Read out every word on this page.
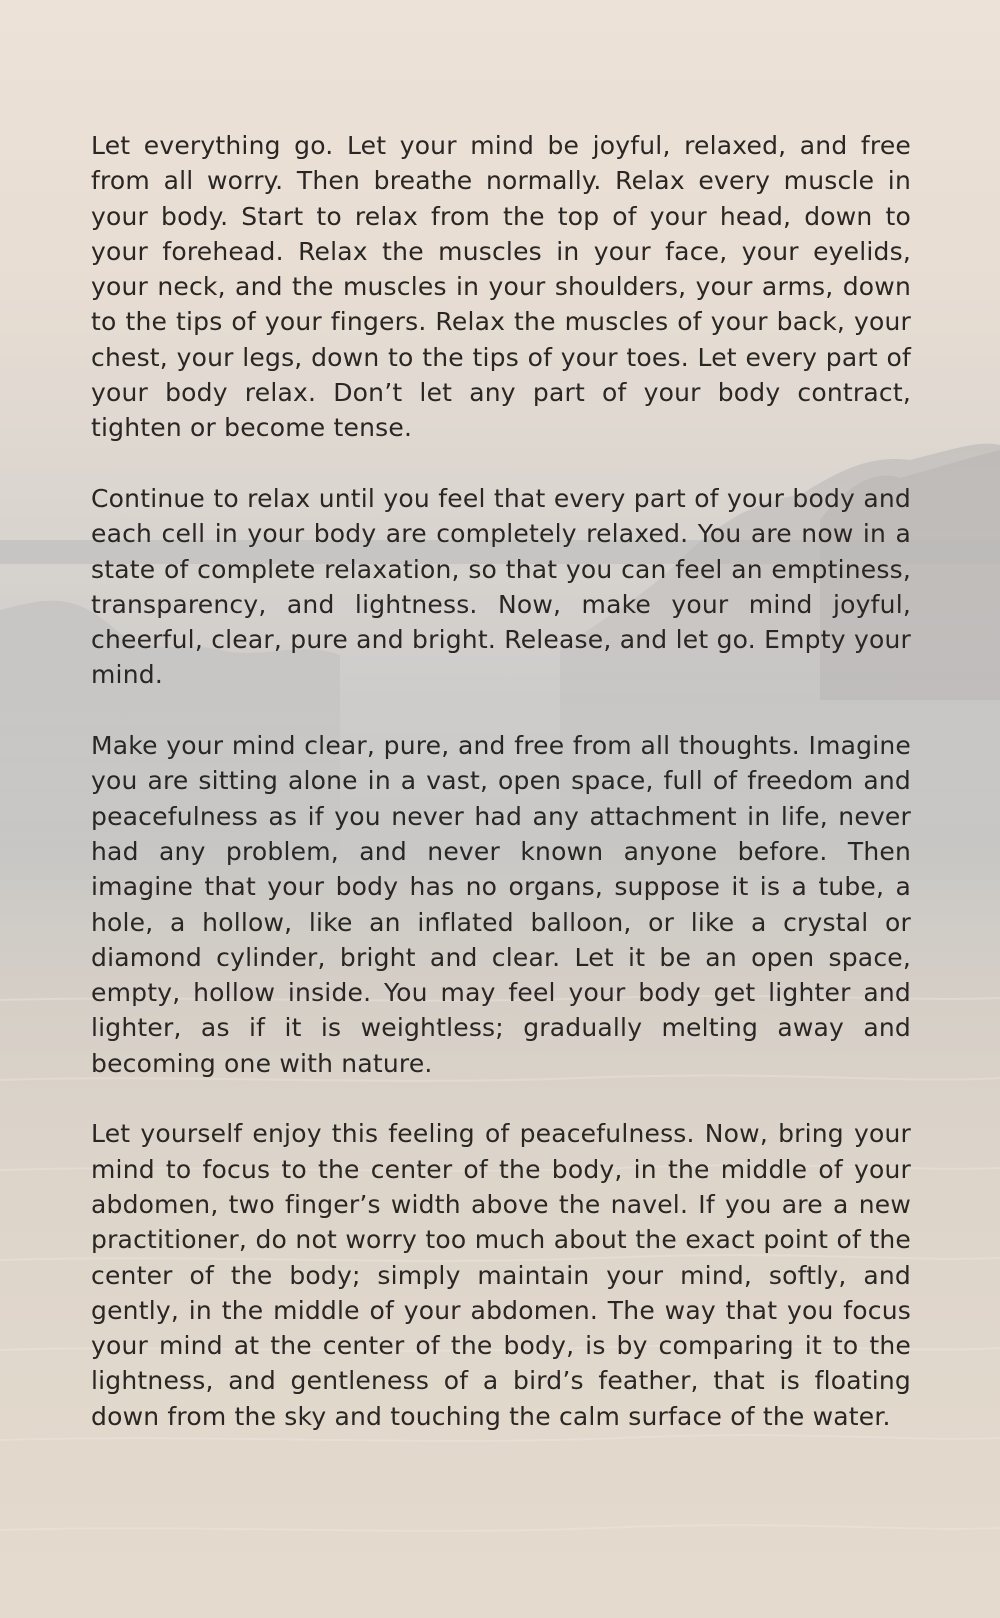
Let everything go. Let your mind be joyful, relaxed, and free from all worry. Then breathe normally. Relax every muscle in your body. Start to relax from the top of your head, down to your forehead. Relax the muscles in your face, your eyelids, your neck, and the muscles in your shoulders, your arms, down to the tips of your fingers. Relax the muscles of your back, your chest, your legs, down to the tips of your toes. Let every part of your body relax. Don’t let any part of your body contract, tighten or become tense.

Continue to relax until you feel that every part of your body and each cell in your body are completely relaxed. You are now in a state of complete relaxation, so that you can feel an emptiness, transparency, and lightness. Now, make your mind joyful, cheerful, clear, pure and bright. Release, and let go. Empty your mind.

Make your mind clear, pure, and free from all thoughts. Imagine you are sitting alone in a vast, open space, full of freedom and peacefulness as if you never had any attachment in life, never had any problem, and never known anyone before. Then imagine that your body has no organs, suppose it is a tube, a hole, a hollow, like an inflated balloon, or like a crystal or diamond cylinder, bright and clear. Let it be an open space, empty, hollow inside. You may feel your body get lighter and lighter, as if it is weightless; gradually melting away and becoming one with nature.

Let yourself enjoy this feeling of peacefulness. Now, bring your mind to focus to the center of the body, in the middle of your abdomen, two finger’s width above the navel. If you are a new practitioner, do not worry too much about the exact point of the center of the body; simply maintain your mind, softly, and gently, in the middle of your abdomen. The way that you focus your mind at the center of the body, is by comparing it to the lightness, and gentleness of a bird’s feather, that is floating down from the sky and touching the calm surface of the water.
